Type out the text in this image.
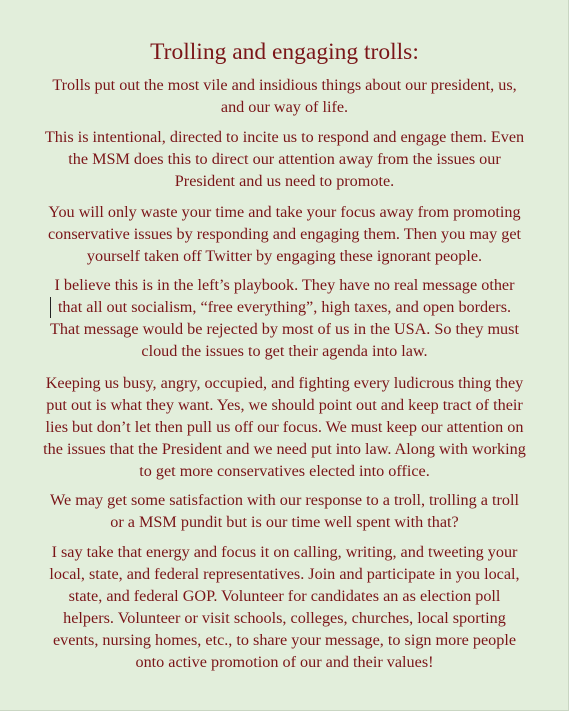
Trolling and engaging trolls:

Trolls put out the most vile and insidious things about our president, us,
and our way of life.

This is intentional, directed to incite us to respond and engage them. Even
the MSM does this to direct our attention away from the issues our
President and us need to promote.

You will only waste your time and take your focus away from promoting
conservative issues by responding and engaging them. Then you may get
yourself taken off Twitter by engaging these ignorant people.

I believe this is in the left’s playbook. They have no real message other
that all out socialism, “free everything”, high taxes, and open borders.
That message would be rejected by most of us in the USA. So they must
cloud the issues to get their agenda into law.

Keeping us busy, angry, occupied, and fighting every ludicrous thing they
put out is what they want. Yes, we should point out and keep tract of their
lies but don’t let then pull us off our focus. We must keep our attention on
the issues that the President and we need put into law. Along with working
to get more conservatives elected into office.

We may get some satisfaction with our response to a troll, trolling a troll
or a MSM pundit but is our time well spent with that?

I say take that energy and focus it on calling, writing, and tweeting your
local, state, and federal representatives. Join and participate in you local,
state, and federal GOP. Volunteer for candidates an as election poll
helpers. Volunteer or visit schools, colleges, churches, local sporting
events, nursing homes, etc., to share your message, to sign more people
onto active promotion of our and their values!
